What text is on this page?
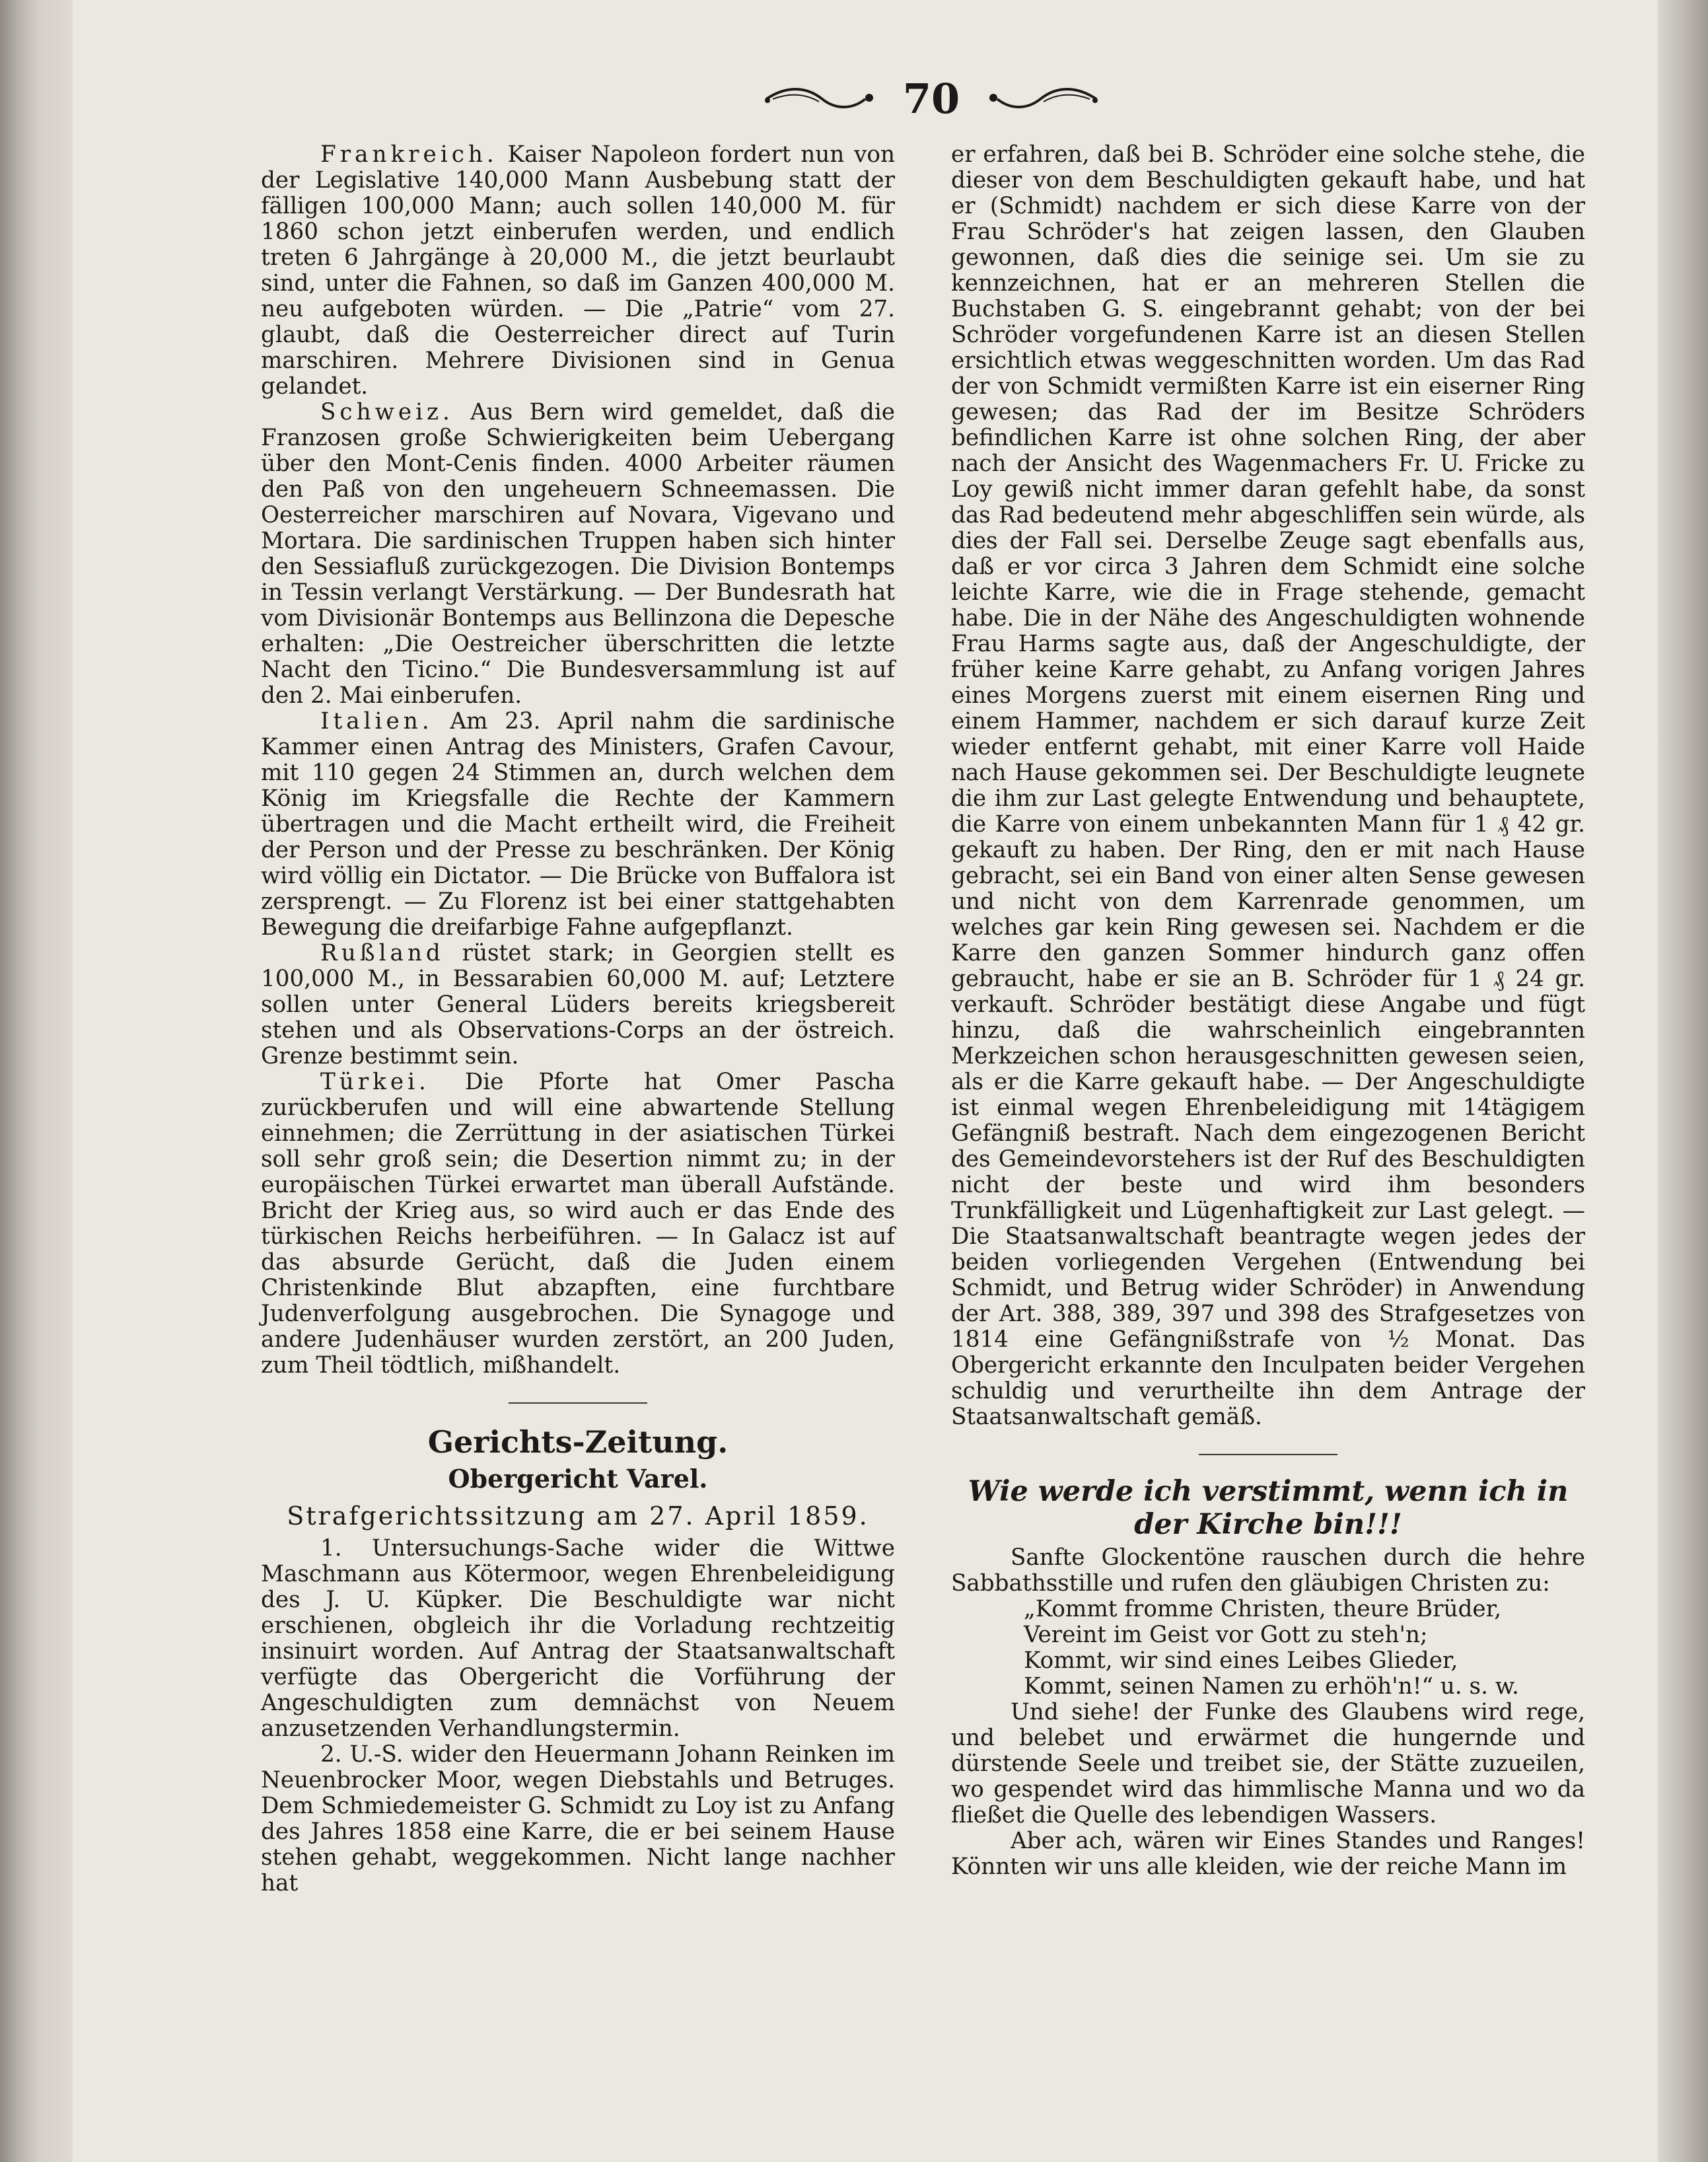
70

Frankreich. Kaiser Napoleon fordert nun von der Legislative 140,000 Mann Ausbebung statt der fälligen 100,000 Mann; auch sollen 140,000 M. für 1860 schon jetzt einberufen werden, und endlich treten 6 Jahrgänge à 20,000 M., die jetzt beurlaubt sind, unter die Fahnen, so daß im Ganzen 400,000 M. neu aufgeboten würden. — Die „Patrie“ vom 27. glaubt, daß die Oesterreicher direct auf Turin marschiren. Mehrere Divisionen sind in Genua gelandet.

Schweiz. Aus Bern wird gemeldet, daß die Franzosen große Schwierigkeiten beim Uebergang über den Mont-Cenis finden. 4000 Arbeiter räumen den Paß von den ungeheuern Schneemassen. Die Oesterreicher marschiren auf Novara, Vigevano und Mortara. Die sardinischen Truppen haben sich hinter den Sessiafluß zurückgezogen. Die Division Bontemps in Tessin verlangt Verstärkung. — Der Bundesrath hat vom Divisionär Bontemps aus Bellinzona die Depesche erhalten: „Die Oestreicher überschritten die letzte Nacht den Ticino.“ Die Bundesversammlung ist auf den 2. Mai einberufen.

Italien. Am 23. April nahm die sardinische Kammer einen Antrag des Ministers, Grafen Cavour, mit 110 gegen 24 Stimmen an, durch welchen dem König im Kriegsfalle die Rechte der Kammern übertragen und die Macht ertheilt wird, die Freiheit der Person und der Presse zu beschränken. Der König wird völlig ein Dictator. — Die Brücke von Buffalora ist zersprengt. — Zu Florenz ist bei einer stattgehabten Bewegung die dreifarbige Fahne aufgepflanzt.

Rußland rüstet stark; in Georgien stellt es 100,000 M., in Bessarabien 60,000 M. auf; Letztere sollen unter General Lüders bereits kriegsbereit stehen und als Observations-Corps an der östreich. Grenze bestimmt sein.

Türkei. Die Pforte hat Omer Pascha zurückberufen und will eine abwartende Stellung einnehmen; die Zerrüttung in der asiatischen Türkei soll sehr groß sein; die Desertion nimmt zu; in der europäischen Türkei erwartet man überall Aufstände. Bricht der Krieg aus, so wird auch er das Ende des türkischen Reichs herbeiführen. — In Galacz ist auf das absurde Gerücht, daß die Juden einem Christenkinde Blut abzapften, eine furchtbare Judenverfolgung ausgebrochen. Die Synagoge und andere Judenhäuser wurden zerstört, an 200 Juden, zum Theil tödtlich, mißhandelt.

Gerichts-Zeitung.
Obergericht Varel.
Strafgerichtssitzung am 27. April 1859.

1. Untersuchungs-Sache wider die Wittwe Maschmann aus Kötermoor, wegen Ehrenbeleidigung des J. U. Küpker. Die Beschuldigte war nicht erschienen, obgleich ihr die Vorladung rechtzeitig insinuirt worden. Auf Antrag der Staatsanwaltschaft verfügte das Obergericht die Vorführung der Angeschuldigten zum demnächst von Neuem anzusetzenden Verhandlungstermin.

2. U.-S. wider den Heuermann Johann Reinken im Neuenbrocker Moor, wegen Diebstahls und Betruges. Dem Schmiedemeister G. Schmidt zu Loy ist zu Anfang des Jahres 1858 eine Karre, die er bei seinem Hause stehen gehabt, weggekommen. Nicht lange nachher hat

er erfahren, daß bei B. Schröder eine solche stehe, die dieser von dem Beschuldigten gekauft habe, und hat er (Schmidt) nachdem er sich diese Karre von der Frau Schröder's hat zeigen lassen, den Glauben gewonnen, daß dies die seinige sei. Um sie zu kennzeichnen, hat er an mehreren Stellen die Buchstaben G. S. eingebrannt gehabt; von der bei Schröder vorgefundenen Karre ist an diesen Stellen ersichtlich etwas weggeschnitten worden. Um das Rad der von Schmidt vermißten Karre ist ein eiserner Ring gewesen; das Rad der im Besitze Schröders befindlichen Karre ist ohne solchen Ring, der aber nach der Ansicht des Wagenmachers Fr. U. Fricke zu Loy gewiß nicht immer daran gefehlt habe, da sonst das Rad bedeutend mehr abgeschliffen sein würde, als dies der Fall sei. Derselbe Zeuge sagt ebenfalls aus, daß er vor circa 3 Jahren dem Schmidt eine solche leichte Karre, wie die in Frage stehende, gemacht habe. Die in der Nähe des Angeschuldigten wohnende Frau Harms sagte aus, daß der Angeschuldigte, der früher keine Karre gehabt, zu Anfang vorigen Jahres eines Morgens zuerst mit einem eisernen Ring und einem Hammer, nachdem er sich darauf kurze Zeit wieder entfernt gehabt, mit einer Karre voll Haide nach Hause gekommen sei. Der Beschuldigte leugnete die ihm zur Last gelegte Entwendung und behauptete, die Karre von einem unbekannten Mann für 1 ₰ 42 gr. gekauft zu haben. Der Ring, den er mit nach Hause gebracht, sei ein Band von einer alten Sense gewesen und nicht von dem Karrenrade genommen, um welches gar kein Ring gewesen sei. Nachdem er die Karre den ganzen Sommer hindurch ganz offen gebraucht, habe er sie an B. Schröder für 1 ₰ 24 gr. verkauft. Schröder bestätigt diese Angabe und fügt hinzu, daß die wahrscheinlich eingebrannten Merkzeichen schon herausgeschnitten gewesen seien, als er die Karre gekauft habe. — Der Angeschuldigte ist einmal wegen Ehrenbeleidigung mit 14tägigem Gefängniß bestraft. Nach dem eingezogenen Bericht des Gemeindevorstehers ist der Ruf des Beschuldigten nicht der beste und wird ihm besonders Trunkfälligkeit und Lügenhaftigkeit zur Last gelegt. — Die Staatsanwaltschaft beantragte wegen jedes der beiden vorliegenden Vergehen (Entwendung bei Schmidt, und Betrug wider Schröder) in Anwendung der Art. 388, 389, 397 und 398 des Strafgesetzes von 1814 eine Gefängnißstrafe von ½ Monat. Das Obergericht erkannte den Inculpaten beider Vergehen schuldig und verurtheilte ihn dem Antrage der Staatsanwaltschaft gemäß.

Wie werde ich verstimmt, wenn ich in der Kirche bin!!!

Sanfte Glockentöne rauschen durch die hehre Sabbathsstille und rufen den gläubigen Christen zu:

„Kommt fromme Christen, theure Brüder,
Vereint im Geist vor Gott zu steh'n;
Kommt, wir sind eines Leibes Glieder,
Kommt, seinen Namen zu erhöh'n!“ u. s. w.

Und siehe! der Funke des Glaubens wird rege, und belebet und erwärmet die hungernde und dürstende Seele und treibet sie, der Stätte zuzueilen, wo gespendet wird das himmlische Manna und wo da fließet die Quelle des lebendigen Wassers.

Aber ach, wären wir Eines Standes und Ranges! Könnten wir uns alle kleiden, wie der reiche Mann im
